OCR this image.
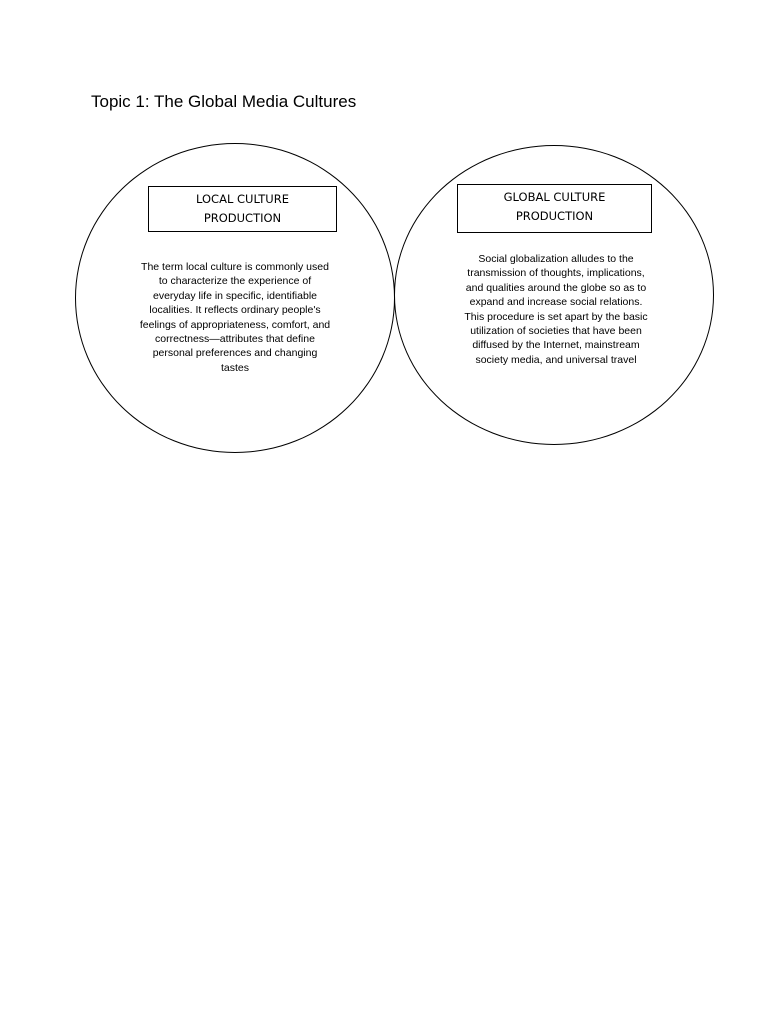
Topic 1: The Global Media Cultures
LOCAL CULTURE
PRODUCTION
GLOBAL CULTURE
PRODUCTION
The term local culture is commonly used
to characterize the experience of
everyday life in specific, identifiable
localities. It reflects ordinary people's
feelings of appropriateness, comfort, and
correctness—attributes that define
personal preferences and changing
tastes
Social globalization alludes to the
transmission of thoughts, implications,
and qualities around the globe so as to
expand and increase social relations.
This procedure is set apart by the basic
utilization of societies that have been
diffused by the Internet, mainstream
society media, and universal travel
